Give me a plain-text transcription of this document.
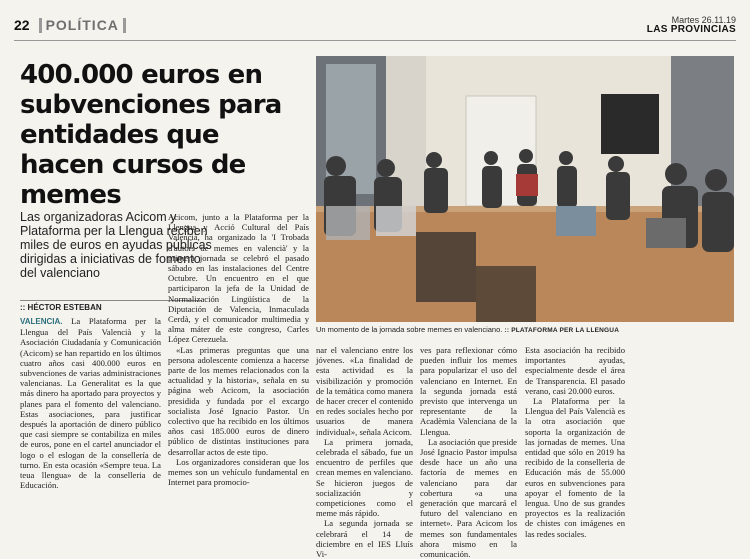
22 POLÍTICA	Martes 26.11.19
LAS PROVINCIAS
400.000 euros en subvenciones para entidades que hacen cursos de memes

Las organizadoras Acicom y Plataforma per la Llengua reciben miles de euros en ayudas públicas dirigidas a iniciativas de fomento del valenciano

:: HÉCTOR ESTEBAN
Un momento de la jornada sobre memes en valenciano. :: PLATAFORMA PER LA LLENGUA

VALENCIA. La Plataforma per la Llengua del País Valencià y la Asociación Ciudadanía y Comunicación (Acicom) se han repartido en los últimos cuatro años casi 400.000 euros en subvenciones de varias administraciones valencianas. La Generalitat es la que más dinero ha aportado para proyectos y planes para el fomento del valenciano. Estas asociaciones, para justificar después la aportación de dinero público que casi siempre se contabiliza en miles de euros, pone en el cartel anunciador el logo o el eslogan de la consellería de turno. En esta ocasión «Sempre teua. La teua llengua» de la conselleria de Educación.

Acicom, junto a la Plataforma per la Llengua y Acció Cultural del País Valencià, ha organizado la 'I Trobada d'autors de memes en valencià' y la primera jornada se celebró el pasado sábado en las instalaciones del Centre Octubre. Un encuentro en el que participaron la jefa de la Unidad de Normalización Lingüística de la Diputación de Valencia, Inmaculada Cerdà, y el comunicador multimedia y alma máter de este congreso, Carles López Cerezuela.

«Las primeras preguntas que una persona adolescente comienza a hacerse parte de los memes relacionados con la actualidad y la historia», señala en su página web Acicom, la asociación presidida y fundada por el excargo socialista José Ignacio Pastor. Un colectivo que ha recibido en los últimos años casi 185.000 euros de dinero público de distintas instituciones para desarrollar actos de este tipo.

Los organizadores consideran que los memes son un vehículo fundamental en Internet para promocio-

nar el valenciano entre los jóvenes. «La finalidad de esta actividad es la visibilización y promoción de la temática como manera de hacer crecer el contenido en redes sociales hecho por usuarios de manera individual», señala Acicom.

La primera jornada, celebrada el sábado, fue un encuentro de perfiles que crean memes en valenciano. Se hicieron juegos de socialización y competiciones como el meme más rápido.

La segunda jornada se celebrará el 14 de diciembre en el IES Lluís Vi-

ves para reflexionar cómo pueden influir los memes para popularizar el uso del valenciano en Internet. En la segunda jornada está previsto que intervenga un representante de la Acadèmia Valenciana de la Llengua.

La asociación que preside José Ignacio Pastor impulsa desde hace un año una factoría de memes en valenciano para dar cobertura «a una generación que marcará el futuro del valenciano en internet». Para Acicom los memes son fundamentales ahora mismo en la comunicación.

Esta asociación ha recibido importantes ayudas, especialmente desde el área de Transparencia. El pasado verano, casi 20.000 euros.

La Plataforma per la Llengua del País Valencià es la otra asociación que soporta la organización de las jornadas de memes. Una entidad que sólo en 2019 ha recibido de la conselleria de Educación más de 55.000 euros en subvenciones para apoyar el fomento de la lengua. Uno de sus grandes proyectos es la realización de chistes con imágenes en las redes sociales.
